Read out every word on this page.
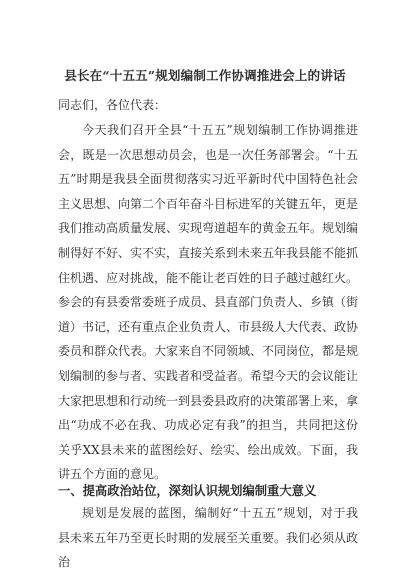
县长在“十五五”规划编制工作协调推进会上的讲话
同志们，各位代表：

今天我们召开全县“十五五”规划编制工作协调推进会，既是一次思想动员会，也是一次任务部署会。“十五五”时期是我县全面贯彻落实习近平新时代中国特色社会主义思想、向第二个百年奋斗目标进军的关键五年，更是我们推动高质量发展、实现弯道超车的黄金五年。规划编制得好不好、实不实，直接关系到未来五年我县能不能抓住机遇、应对挑战，能不能让老百姓的日子越过越红火。参会的有县委常委班子成员、县直部门负责人、乡镇（街道）书记，还有重点企业负责人、市县级人大代表、政协委员和群众代表。大家来自不同领域、不同岗位，都是规划编制的参与者、实践者和受益者。希望今天的会议能让大家把思想和行动统一到县委县政府的决策部署上来，拿出“功成不必在我、功成必定有我”的担当，共同把这份关乎XX县未来的蓝图绘好、绘实、绘出成效。下面，我讲五个方面的意见。

一、提高政治站位，深刻认识规划编制重大意义

规划是发展的蓝图，编制好“十五五”规划，对于我县未来五年乃至更长时期的发展至关重要。我们必须从政治
